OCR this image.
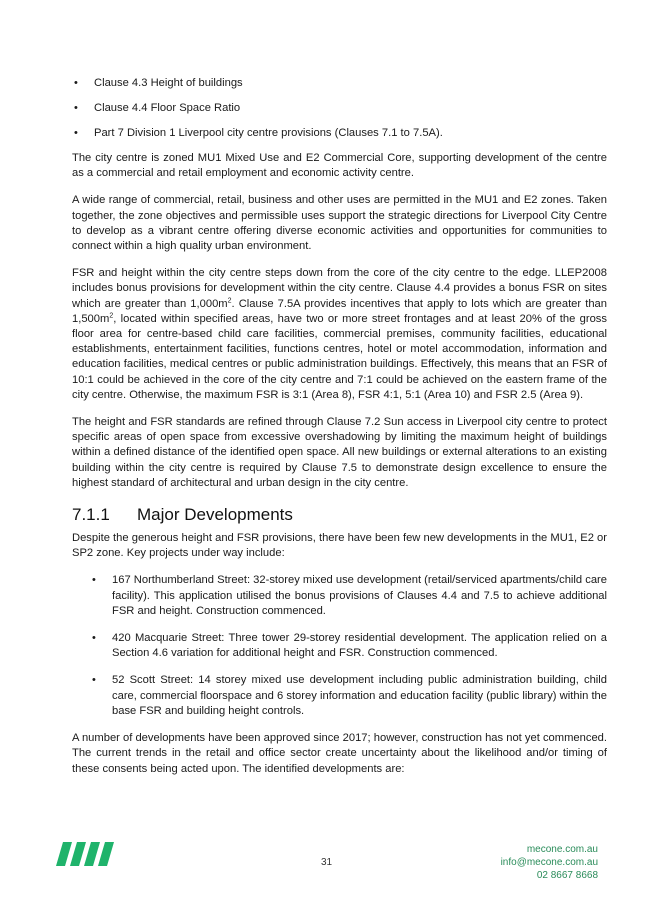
• Clause 4.3 Height of buildings
• Clause 4.4 Floor Space Ratio
• Part 7 Division 1 Liverpool city centre provisions (Clauses 7.1 to 7.5A).

The city centre is zoned MU1 Mixed Use and E2 Commercial Core, supporting development of the centre as a commercial and retail employment and economic activity centre.

A wide range of commercial, retail, business and other uses are permitted in the MU1 and E2 zones. Taken together, the zone objectives and permissible uses support the strategic directions for Liverpool City Centre to develop as a vibrant centre offering diverse economic activities and opportunities for communities to connect within a high quality urban environment.

FSR and height within the city centre steps down from the core of the city centre to the edge. LLEP2008 includes bonus provisions for development within the city centre. Clause 4.4 provides a bonus FSR on sites which are greater than $1,000m^2$. Clause 7.5A provides incentives that apply to lots which are greater than $1,500m^2$, located within specified areas, have two or more street frontages and at least 20% of the gross floor area for centre-based child care facilities, commercial premises, community facilities, educational establishments, entertainment facilities, functions centres, hotel or motel accommodation, information and education facilities, medical centres or public administration buildings. Effectively, this means that an FSR of 10:1 could be achieved in the core of the city centre and 7:1 could be achieved on the eastern frame of the city centre. Otherwise, the maximum FSR is 3:1 (Area 8), FSR 4:1, 5:1 (Area 10) and FSR 2.5 (Area 9).

The height and FSR standards are refined through Clause 7.2 Sun access in Liverpool city centre to protect specific areas of open space from excessive overshadowing by limiting the maximum height of buildings within a defined distance of the identified open space. All new buildings or external alterations to an existing building within the city centre is required by Clause 7.5 to demonstrate design excellence to ensure the highest standard of architectural and urban design in the city centre.

7.1.1	Major Developments

Despite the generous height and FSR provisions, there have been few new developments in the MU1, E2 or SP2 zone. Key projects under way include:

• 167 Northumberland Street: 32-storey mixed use development (retail/serviced apartments/child care facility). This application utilised the bonus provisions of Clauses 4.4 and 7.5 to achieve additional FSR and height. Construction commenced.
• 420 Macquarie Street: Three tower 29-storey residential development. The application relied on a Section 4.6 variation for additional height and FSR. Construction commenced.
• 52 Scott Street: 14 storey mixed use development including public administration building, child care, commercial floorspace and 6 storey information and education facility (public library) within the base FSR and building height controls.

A number of developments have been approved since 2017; however, construction has not yet commenced. The current trends in the retail and office sector create uncertainty about the likelihood and/or timing of these consents being acted upon. The identified developments are:

31
mecone.com.au
info@mecone.com.au
02 8667 8668
